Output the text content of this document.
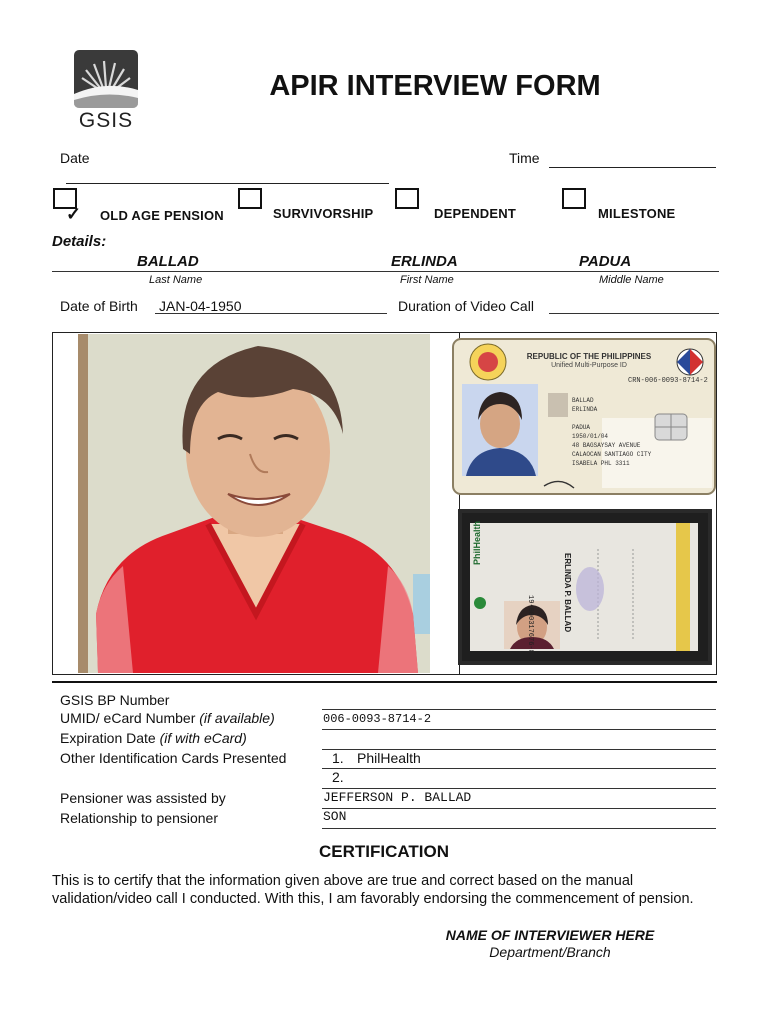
GSIS
APIR INTERVIEW FORM
Date	Time
✓ OLD AGE PENSION	SURVIVORSHIP	DEPENDENT	MILESTONE
Details:
BALLAD	ERLINDA	PADUA
Last Name	First Name	Middle Name
Date of Birth JAN-04-1950	Duration of Video Call
REPUBLIC OF THE PHILIPPINES
Unified Multi-Purpose ID
CRN-006-0093-8714-2
BALLAD
ERLINDA

PADUA
1950/01/04
48 BAGSAYSAY AVENUE
CALAOCAN SANTIAGO CITY
ISABELA PHL 3311
PhilHealth
19-000317676-8	ERLINDA P. BALLAD
GSIS BP Number
UMID/ eCard Number (if available)	006-0093-8714-2
Expiration Date (if with eCard)
Other Identification Cards Presented	1. PhilHealth
2.
Pensioner was assisted by	JEFFERSON P. BALLAD
Relationship to pensioner	SON
CERTIFICATION
This is to certify that the information given above are true and correct based on the manual validation/video call I conducted. With this, I am favorably endorsing the commencement of pension.
NAME OF INTERVIEWER HERE
Department/Branch
